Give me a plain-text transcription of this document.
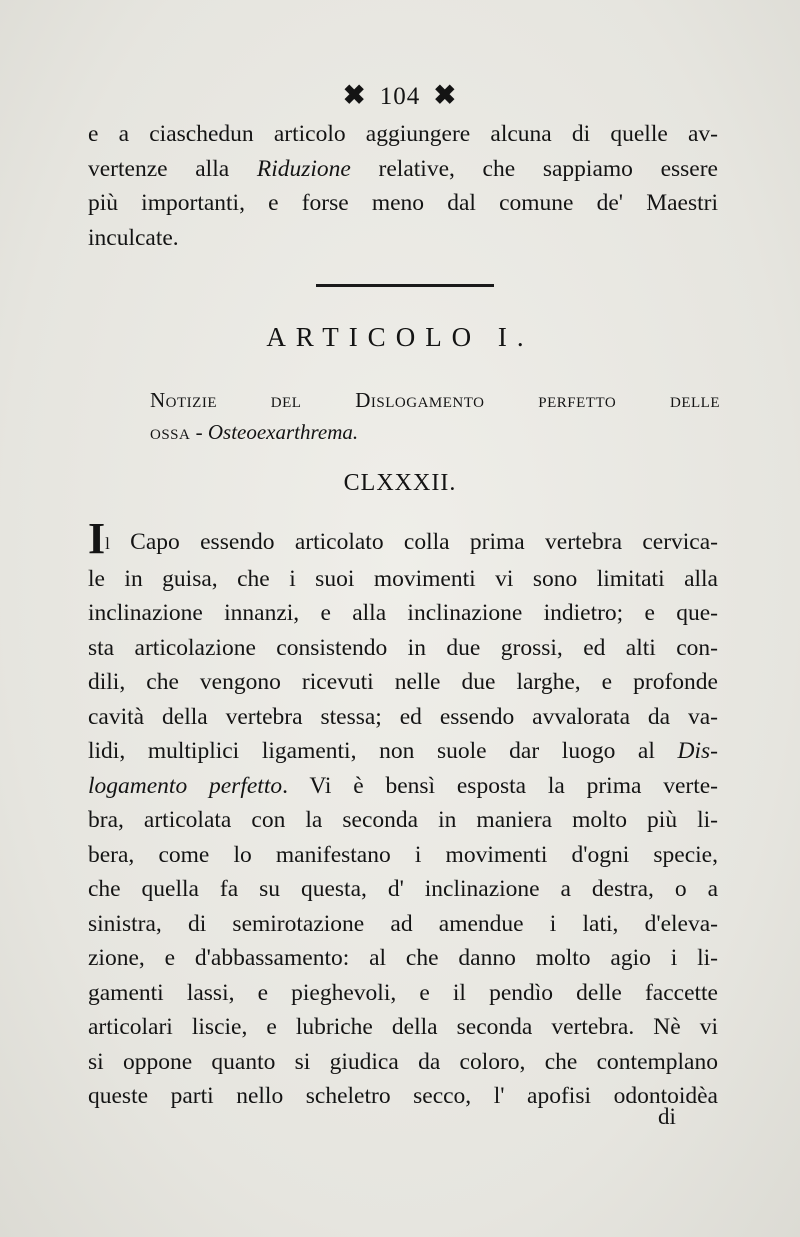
✖ 104 ✖
e a ciaschedun articolo aggiungere alcuna di quelle av-
vertenze alla Riduzione relative, che sappiamo essere
più importanti, e forse meno dal comune de' Maestri
inculcate.
ARTICOLO I.
Notizie del Dislogamento perfetto delle
ossa - Osteoexarthrema.
CLXXXII.
Il Capo essendo articolato colla prima vertebra cervica-
le in guisa, che i suoi movimenti vi sono limitati alla
inclinazione innanzi, e alla inclinazione indietro; e que-
sta articolazione consistendo in due grossi, ed alti con-
dili, che vengono ricevuti nelle due larghe, e profonde
cavità della vertebra stessa; ed essendo avvalorata da va-
lidi, multiplici ligamenti, non suole dar luogo al Dis-
logamento perfetto. Vi è bensì esposta la prima verte-
bra, articolata con la seconda in maniera molto più li-
bera, come lo manifestano i movimenti d'ogni specie,
che quella fa su questa, d' inclinazione a destra, o a
sinistra, di semirotazione ad amendue i lati, d'eleva-
zione, e d'abbassamento: al che danno molto agio i li-
gamenti lassi, e pieghevoli, e il pendìo delle faccette
articolari liscie, e lubriche della seconda vertebra. Nè vi
si oppone quanto si giudica da coloro, che contemplano
queste parti nello scheletro secco, l' apofisi odontoidèa
di
